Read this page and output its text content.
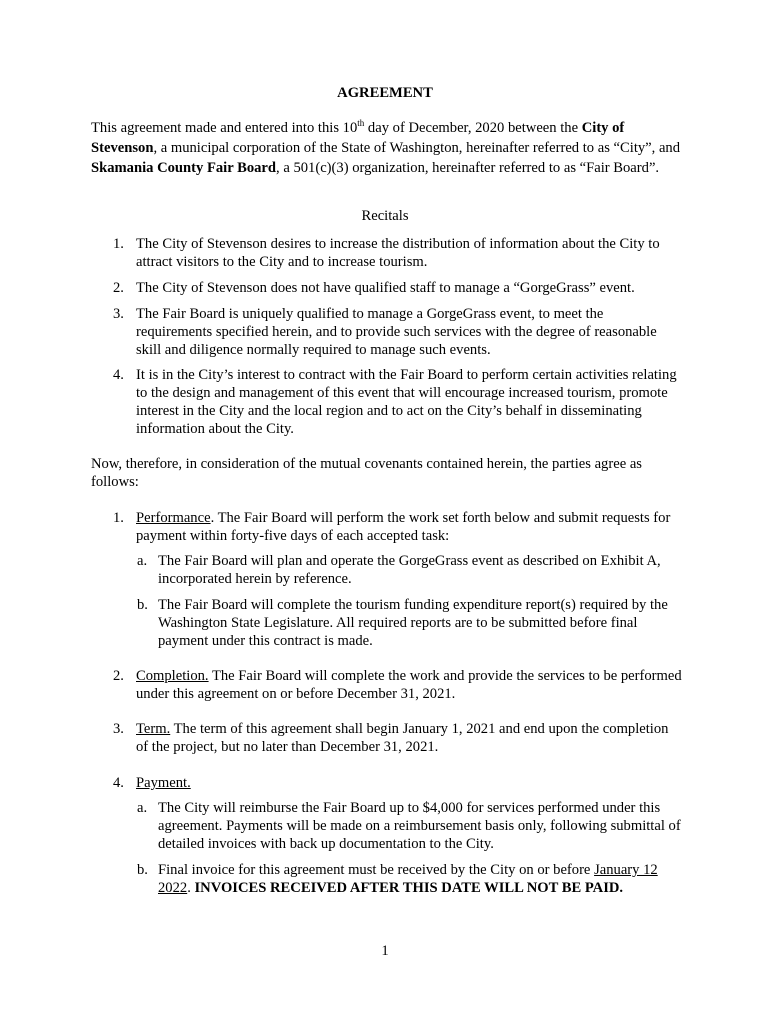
AGREEMENT
This agreement made and entered into this 10th day of December, 2020 between the City of Stevenson, a municipal corporation of the State of Washington, hereinafter referred to as “City”, and Skamania County Fair Board, a 501(c)(3) organization, hereinafter referred to as “Fair Board”.
Recitals
1. The City of Stevenson desires to increase the distribution of information about the City to attract visitors to the City and to increase tourism.
2. The City of Stevenson does not have qualified staff to manage a “GorgeGrass” event.
3. The Fair Board is uniquely qualified to manage a GorgeGrass event, to meet the requirements specified herein, and to provide such services with the degree of reasonable skill and diligence normally required to manage such events.
4. It is in the City’s interest to contract with the Fair Board to perform certain activities relating to the design and management of this event that will encourage increased tourism, promote interest in the City and the local region and to act on the City’s behalf in disseminating information about the City.
Now, therefore, in consideration of the mutual covenants contained herein, the parties agree as follows:
1. Performance. The Fair Board will perform the work set forth below and submit requests for payment within forty-five days of each accepted task:
a. The Fair Board will plan and operate the GorgeGrass event as described on Exhibit A, incorporated herein by reference.
b. The Fair Board will complete the tourism funding expenditure report(s) required by the Washington State Legislature. All required reports are to be submitted before final payment under this contract is made.
2. Completion. The Fair Board will complete the work and provide the services to be performed under this agreement on or before December 31, 2021.
3. Term. The term of this agreement shall begin January 1, 2021 and end upon the completion of the project, but no later than December 31, 2021.
4. Payment.
a. The City will reimburse the Fair Board up to $4,000 for services performed under this agreement. Payments will be made on a reimbursement basis only, following submittal of detailed invoices with back up documentation to the City.
b. Final invoice for this agreement must be received by the City on or before January 12 2022. INVOICES RECEIVED AFTER THIS DATE WILL NOT BE PAID.
1
